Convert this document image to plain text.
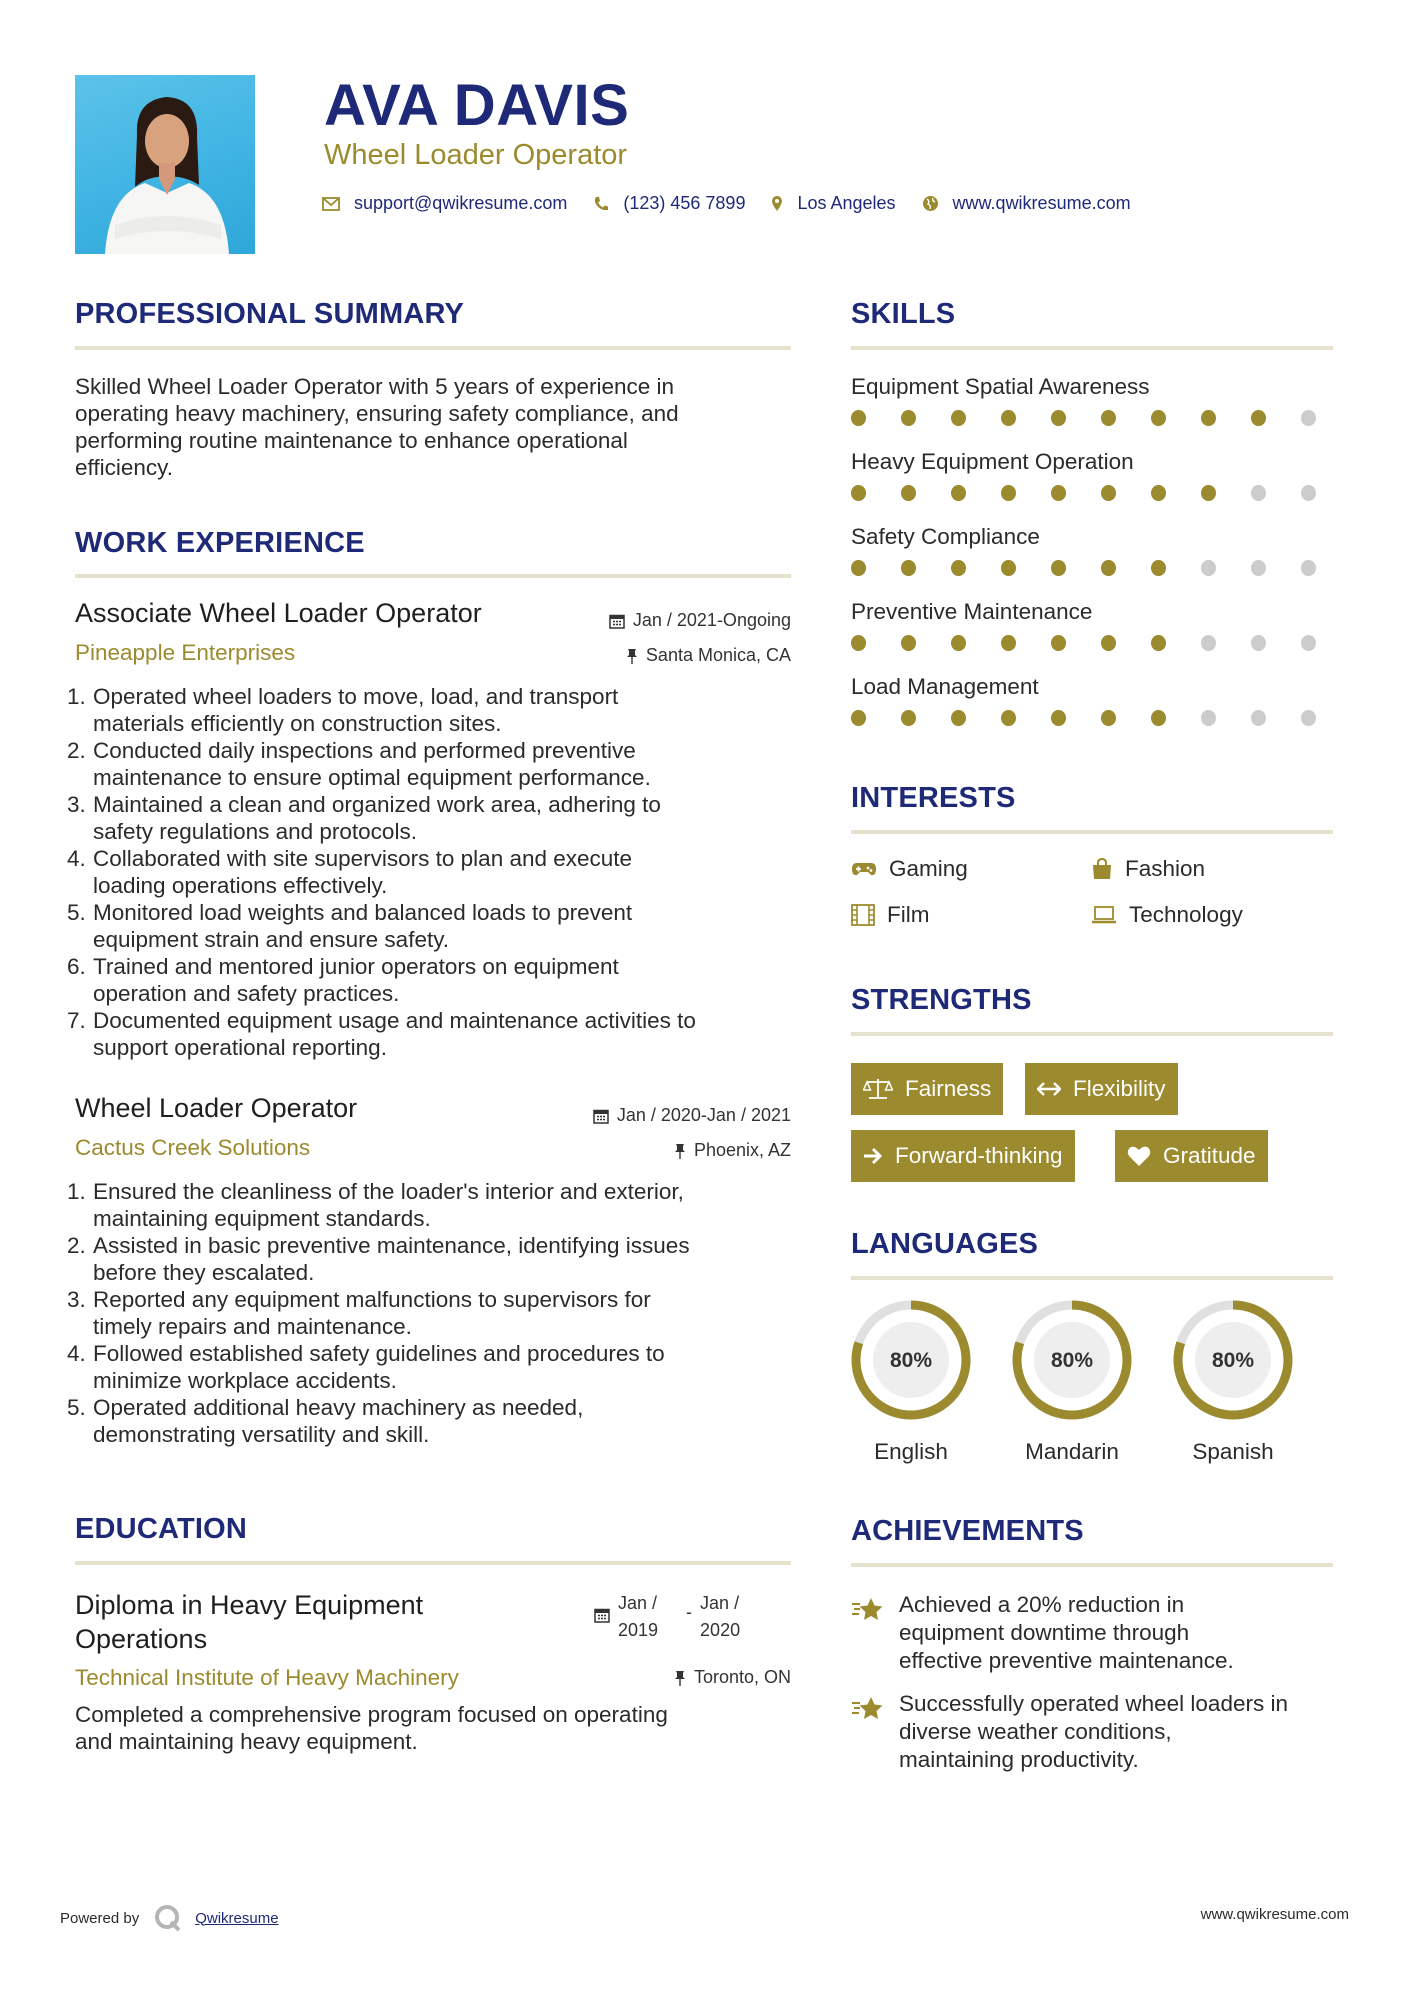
AVA DAVIS
Wheel Loader Operator
support@qwikresume.com	(123) 456 7899	Los Angeles	www.qwikresume.com
PROFESSIONAL SUMMARY
Skilled Wheel Loader Operator with 5 years of experience in
operating heavy machinery, ensuring safety compliance, and
performing routine maintenance to enhance operational
efficiency.
WORK EXPERIENCE
Associate Wheel Loader Operator	Jan / 2021-Ongoing
Pineapple Enterprises	Santa Monica, CA
1. Operated wheel loaders to move, load, and transport
materials efficiently on construction sites.
2. Conducted daily inspections and performed preventive
maintenance to ensure optimal equipment performance.
3. Maintained a clean and organized work area, adhering to
safety regulations and protocols.
4. Collaborated with site supervisors to plan and execute
loading operations effectively.
5. Monitored load weights and balanced loads to prevent
equipment strain and ensure safety.
6. Trained and mentored junior operators on equipment
operation and safety practices.
7. Documented equipment usage and maintenance activities to
support operational reporting.
Wheel Loader Operator	Jan / 2020-Jan / 2021
Cactus Creek Solutions	Phoenix, AZ
1. Ensured the cleanliness of the loader's interior and exterior,
maintaining equipment standards.
2. Assisted in basic preventive maintenance, identifying issues
before they escalated.
3. Reported any equipment malfunctions to supervisors for
timely repairs and maintenance.
4. Followed established safety guidelines and procedures to
minimize workplace accidents.
5. Operated additional heavy machinery as needed,
demonstrating versatility and skill.
EDUCATION
Diploma in Heavy Equipment
Operations
Jan /
2019
- Jan /
2020
Technical Institute of Heavy Machinery	Toronto, ON
Completed a comprehensive program focused on operating
and maintaining heavy equipment.
SKILLS
Equipment Spatial Awareness
Heavy Equipment Operation
Safety Compliance
Preventive Maintenance
Load Management
INTERESTS
Gaming	Fashion
Film	Technology
STRENGTHS
Fairness	Flexibility
Forward-thinking	Gratitude
LANGUAGES
80%
English
80%
Mandarin
80%
Spanish
ACHIEVEMENTS
Achieved a 20% reduction in
equipment downtime through
effective preventive maintenance.
Successfully operated wheel loaders in
diverse weather conditions,
maintaining productivity.
Powered by	Qwikresume	www.qwikresume.com
